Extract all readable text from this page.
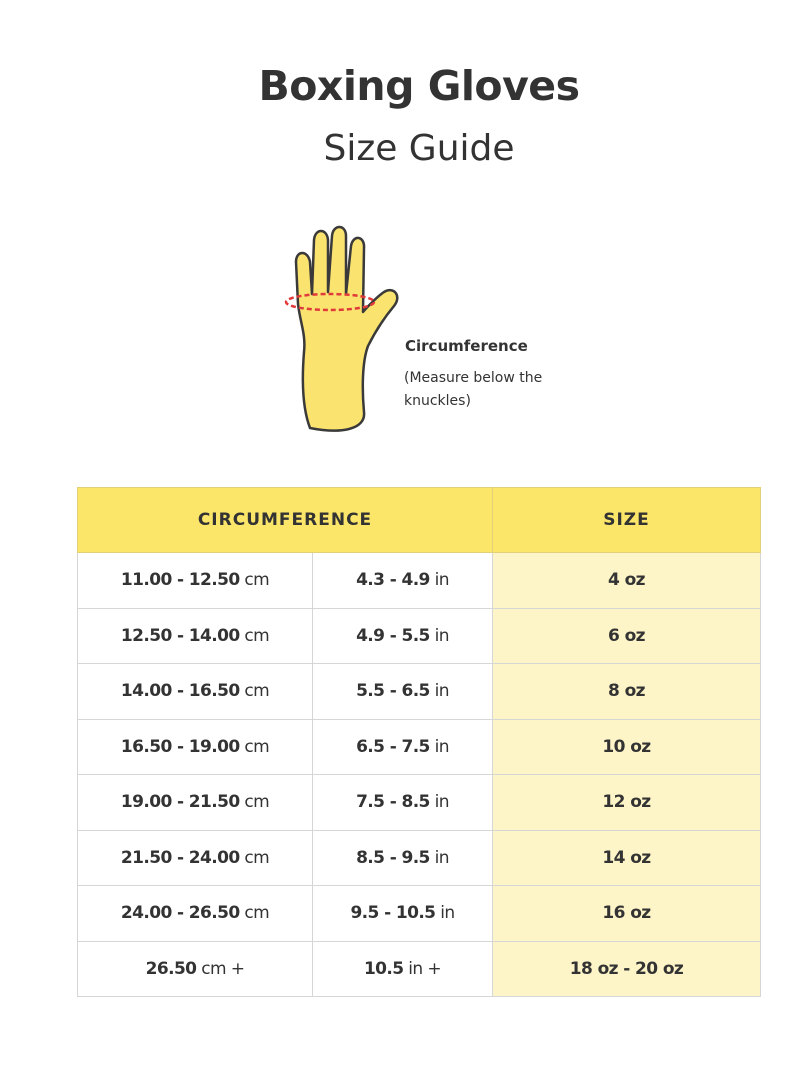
Boxing Gloves
Size Guide
Circumference
(Measure below the knuckles)
CIRCUMFERENCE		SIZE
11.00 - 12.50 cm	4.3 - 4.9 in	4 oz
12.50 - 14.00 cm	4.9 - 5.5 in	6 oz
14.00 - 16.50 cm	5.5 - 6.5 in	8 oz
16.50 - 19.00 cm	6.5 - 7.5 in	10 oz
19.00 - 21.50 cm	7.5 - 8.5 in	12 oz
21.50 - 24.00 cm	8.5 - 9.5 in	14 oz
24.00 - 26.50 cm	9.5 - 10.5 in	16 oz
26.50 cm +	10.5 in +	18 oz - 20 oz
